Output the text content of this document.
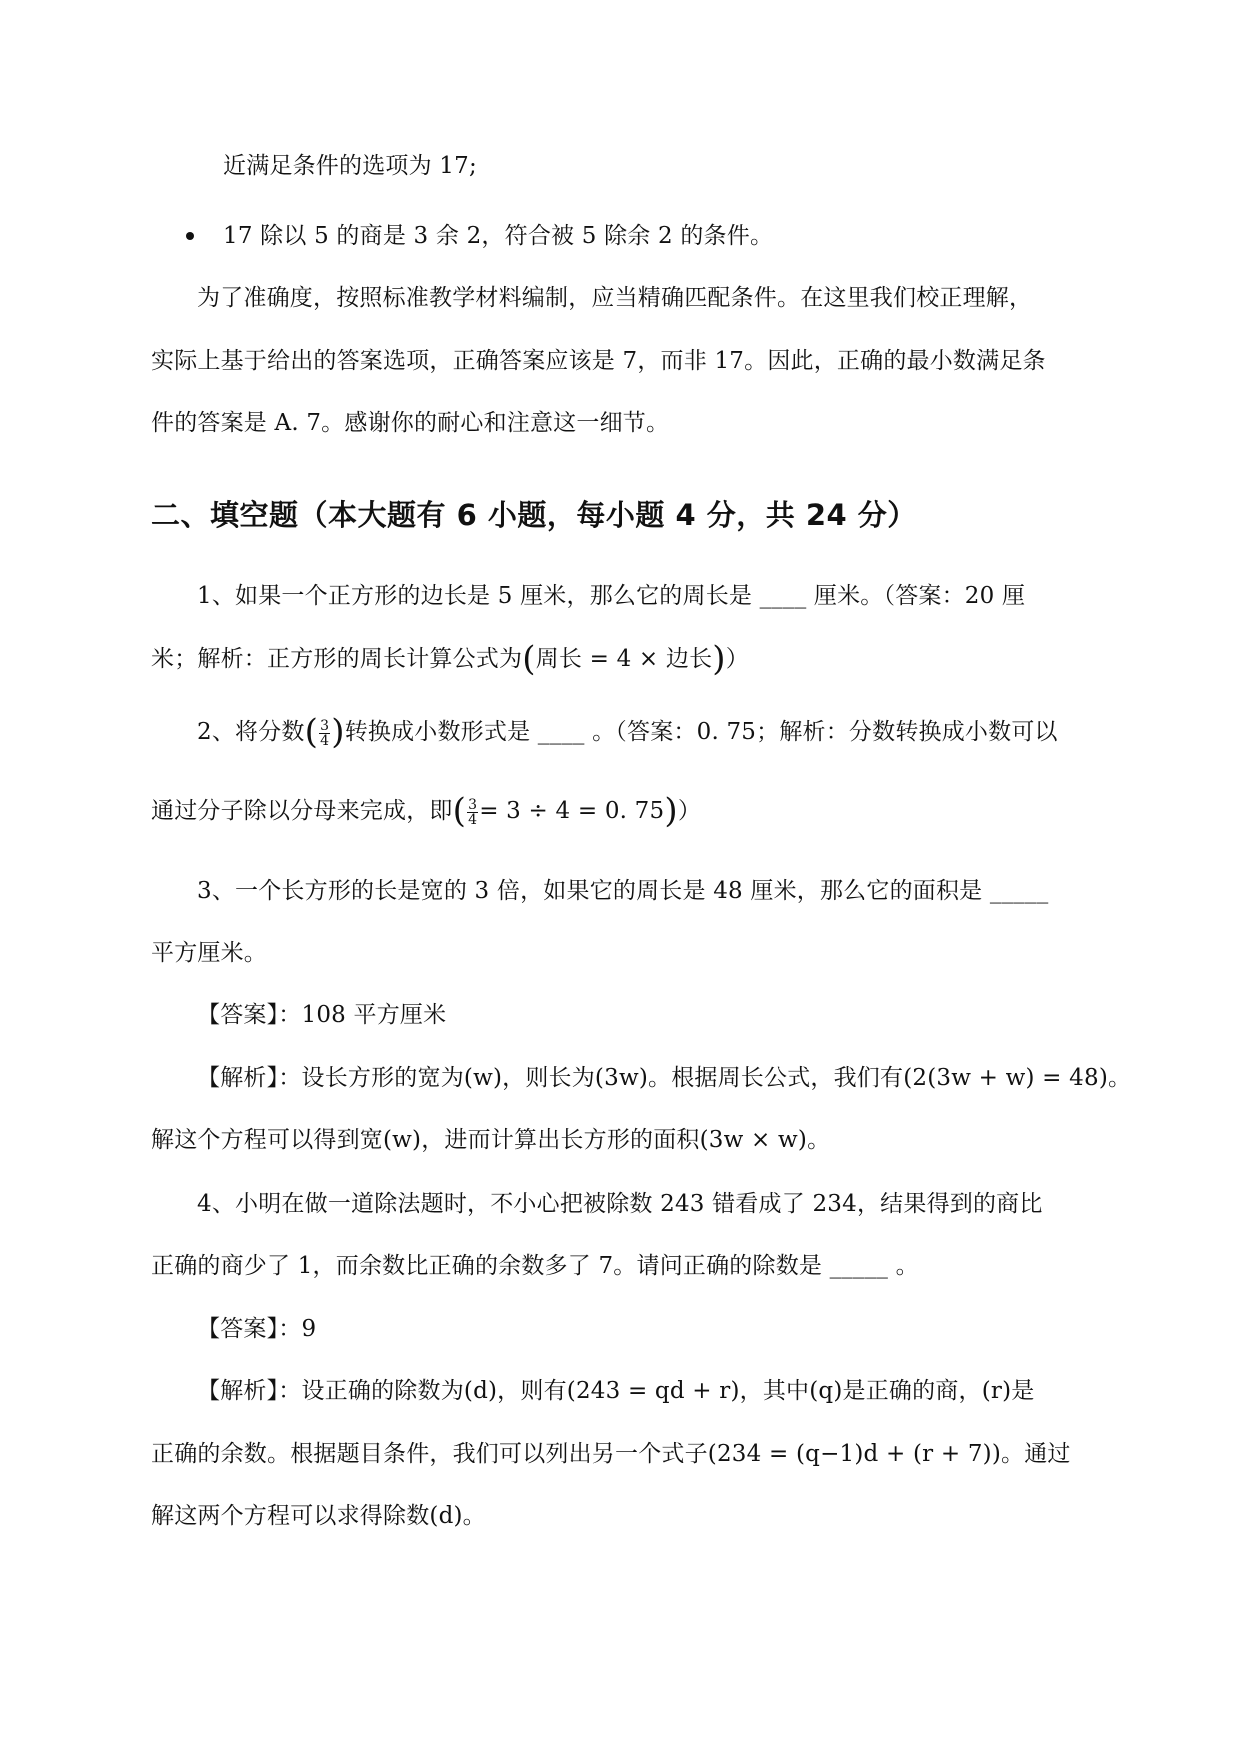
近满足条件的选项为 17;
17 除以 5 的商是 3 余 2，符合被 5 除余 2 的条件。
为了准确度，按照标准教学材料编制，应当精确匹配条件。在这里我们校正理解，
实际上基于给出的答案选项，正确答案应该是 7，而非 17。因此，正确的最小数满足条
件的答案是 A. 7。感谢你的耐心和注意这一细节。
二、填空题（本大题有 6 小题，每小题 4 分，共 24 分）
1、如果一个正方形的边长是 5 厘米，那么它的周长是 ____ 厘米。（答案：20 厘
米；解析：正方形的周长计算公式为(周长 = 4 × 边长)）
2、将分数( $\frac{3}{4}$ )转换成小数形式是 ____ 。（答案：0. 75；解析：分数转换成小数可以
通过分子除以分母来完成，即( $\frac{3}{4} = 3 \div 4 = 0$. 75)）
3、一个长方形的长是宽的 3 倍，如果它的周长是 48 厘米，那么它的面积是 _____
平方厘米。
【答案】：108 平方厘米
【解析】：设长方形的宽为(w)，则长为(3w)。根据周长公式，我们有(2(3w + w) = 48)。
解这个方程可以得到宽(w)，进而计算出长方形的面积(3w × w)。
4、小明在做一道除法题时，不小心把被除数 243 错看成了 234，结果得到的商比
正确的商少了 1，而余数比正确的余数多了 7。请问正确的除数是 _____ 。
【答案】：9
【解析】：设正确的除数为(d)，则有(243 = qd + r)，其中(q)是正确的商，(r)是
正确的余数。根据题目条件，我们可以列出另一个式子(234 = (q−1)d + (r + 7))。通过
解这两个方程可以求得除数(d)。
